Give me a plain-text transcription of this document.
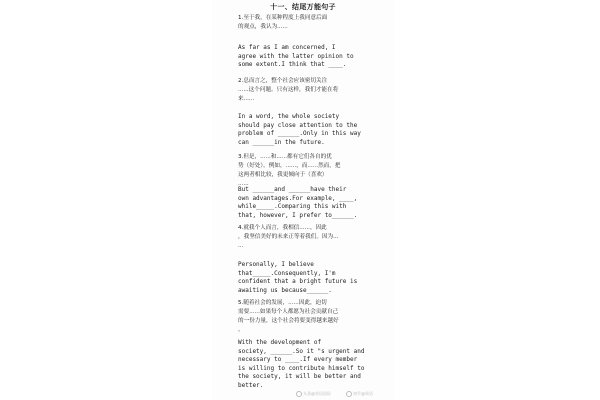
十一、结尾万能句子

1.至于我，在某种程度上我同意后面
的观点，我认为......

As far as I am concerned, I
agree with the latter opinion to
some extent.I think that ____.

2.总而言之，整个社会应该密切关注
......这个问题。只有这样，我们才能在将
来......

In a word, the whole society
should pay close attention to the
problem of ______.Only in this way
can ______in the future.

3.但是，......和......都有它们各自的优
势（好处）。例如，......，而......然而，把
这两者相比较，我更倾向于（喜欢）
......

But ______and ______have their
own advantages.For example, ____,
while_____.Comparing this with
that, however, I prefer to______.

4.就我个人而言，我相信......，因此
，我坚信美好的未来正等着我们。因为...
...

Personally, I believe
that_____.Consequently, I'm
confident that a bright future is
awaiting us because______.

5.随着社会的发展，......因此，迫切
需要......如果每个人都愿为社会贡献自己
的一份力量，这个社会将要变得越来越好
。

With the development of
society, ______.So it "s urgent and
necessary to ____.If every member
is willing to contribute himself to
the society, it will be better and
better.

头条@英语国际	知乎@英语
